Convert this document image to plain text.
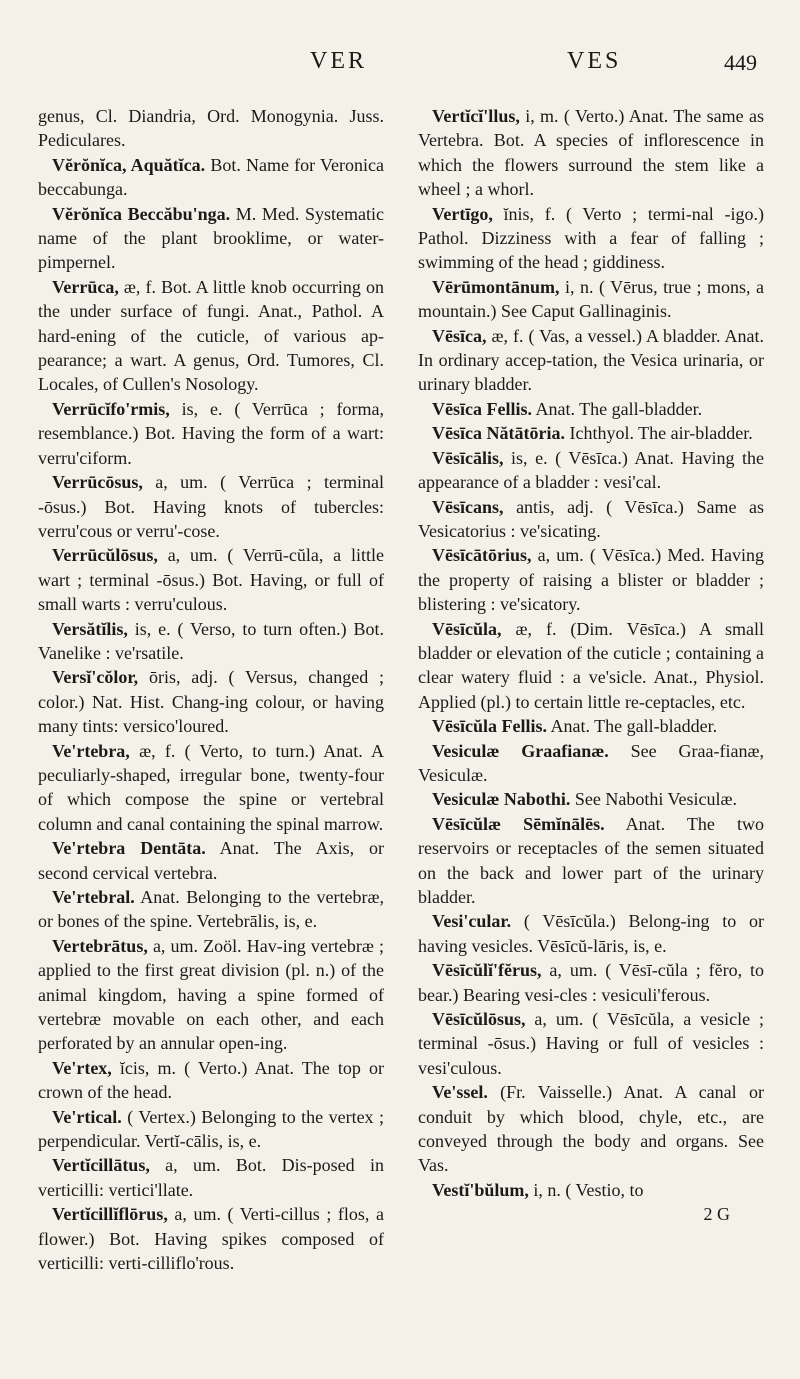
VER	VES	449

genus, Cl. Diandria, Ord. Monogynia. Juss. Pediculares.

Vĕrŏnĭca, Aquătĭca. Bot. Name for Veronica beccabunga.

Vĕrŏnĭca Beccăbu'nga. M. Med. Systematic name of the plant brooklime, or water-pimpernel.

Verrūca, æ, f. Bot. A little knob occurring on the under surface of fungi. Anat., Pathol. A hard-ening of the cuticle, of various ap-pearance; a wart. A genus, Ord. Tumores, Cl. Locales, of Cullen's Nosology.

Verrūcĭfo'rmis, is, e. ( Verrūca ; forma, resemblance.) Bot. Having the form of a wart: verru'ciform.

Verrūcōsus, a, um. ( Verrūca ; terminal -ōsus.) Bot. Having knots of tubercles: verru'cous or verru'-cose.

Verrūcŭlōsus, a, um. ( Verrū-cŭla, a little wart ; terminal -ōsus.) Bot. Having, or full of small warts : verru'culous.

Versătĭlis, is, e. ( Verso, to turn often.) Bot. Vanelike : ve'rsatile.

Versĭ'cŏlor, ōris, adj. ( Versus, changed ; color.) Nat. Hist. Chang-ing colour, or having many tints: versico'loured.

Ve'rtebra, æ, f. ( Verto, to turn.) Anat. A peculiarly-shaped, irregular bone, twenty-four of which compose the spine or vertebral column and canal containing the spinal marrow.

Ve'rtebra Dentāta. Anat. The Axis, or second cervical vertebra.

Ve'rtebral. Anat. Belonging to the vertebræ, or bones of the spine. Vertebrālis, is, e.

Vertebrātus, a, um. Zoöl. Hav-ing vertebræ ; applied to the first great division (pl. n.) of the animal kingdom, having a spine formed of vertebræ movable on each other, and each perforated by an annular open-ing.

Ve'rtex, ĭcis, m. ( Verto.) Anat. The top or crown of the head.

Ve'rtical. ( Vertex.) Belonging to the vertex ; perpendicular. Vertĭ-cālis, is, e.

Vertĭcillātus, a, um. Bot. Dis-posed in verticilli: vertici'llate.

Vertĭcillĭflōrus, a, um. ( Verti-cillus ; flos, a flower.) Bot. Having spikes composed of verticilli: verti-cilliflo'rous.

Vertĭcĭ'llus, i, m. ( Verto.) Anat. The same as Vertebra. Bot. A species of inflorescence in which the flowers surround the stem like a wheel ; a whorl.

Vertīgo, ĭnis, f. ( Verto ; termi-nal -igo.) Pathol. Dizziness with a fear of falling ; swimming of the head ; giddiness.

Vērūmontānum, i, n. ( Vērus, true ; mons, a mountain.) See Caput Gallinaginis.

Vēsīca, æ, f. ( Vas, a vessel.) A bladder. Anat. In ordinary accep-tation, the Vesica urinaria, or urinary bladder.

Vēsīca Fellis. Anat. The gall-bladder.

Vēsīca Nătātōria. Ichthyol. The air-bladder.

Vēsīcālis, is, e. ( Vēsīca.) Anat. Having the appearance of a bladder : vesi'cal.

Vēsīcans, antis, adj. ( Vēsīca.) Same as Vesicatorius : ve'sicating.

Vēsīcātōrius, a, um. ( Vēsīca.) Med. Having the property of raising a blister or bladder ; blistering : ve'sicatory.

Vēsīcŭla, æ, f. (Dim. Vēsīca.) A small bladder or elevation of the cuticle ; containing a clear watery fluid : a ve'sicle. Anat., Physiol. Applied (pl.) to certain little re-ceptacles, etc.

Vēsīcŭla Fellis. Anat. The gall-bladder.

Vesiculæ Graafianæ. See Graa-fianæ, Vesiculæ.

Vesiculæ Nabothi. See Nabothi Vesiculæ.

Vēsīcŭlæ Sēmĭnālēs. Anat. The two reservoirs or receptacles of the semen situated on the back and lower part of the urinary bladder.

Vesi'cular. ( Vēsīcŭla.) Belong-ing to or having vesicles. Vēsīcŭ-lāris, is, e.

Vēsīcŭlĭ'fĕrus, a, um. ( Vēsī-cŭla ; fĕro, to bear.) Bearing vesi-cles : vesiculi'ferous.

Vēsīcŭlōsus, a, um. ( Vēsīcŭla, a vesicle ; terminal -ōsus.) Having or full of vesicles : vesi'culous.

Ve'ssel. (Fr. Vaisselle.) Anat. A canal or conduit by which blood, chyle, etc., are conveyed through the body and organs. See Vas.

Vestĭ'bŭlum, i, n. ( Vestio, to

2 G
